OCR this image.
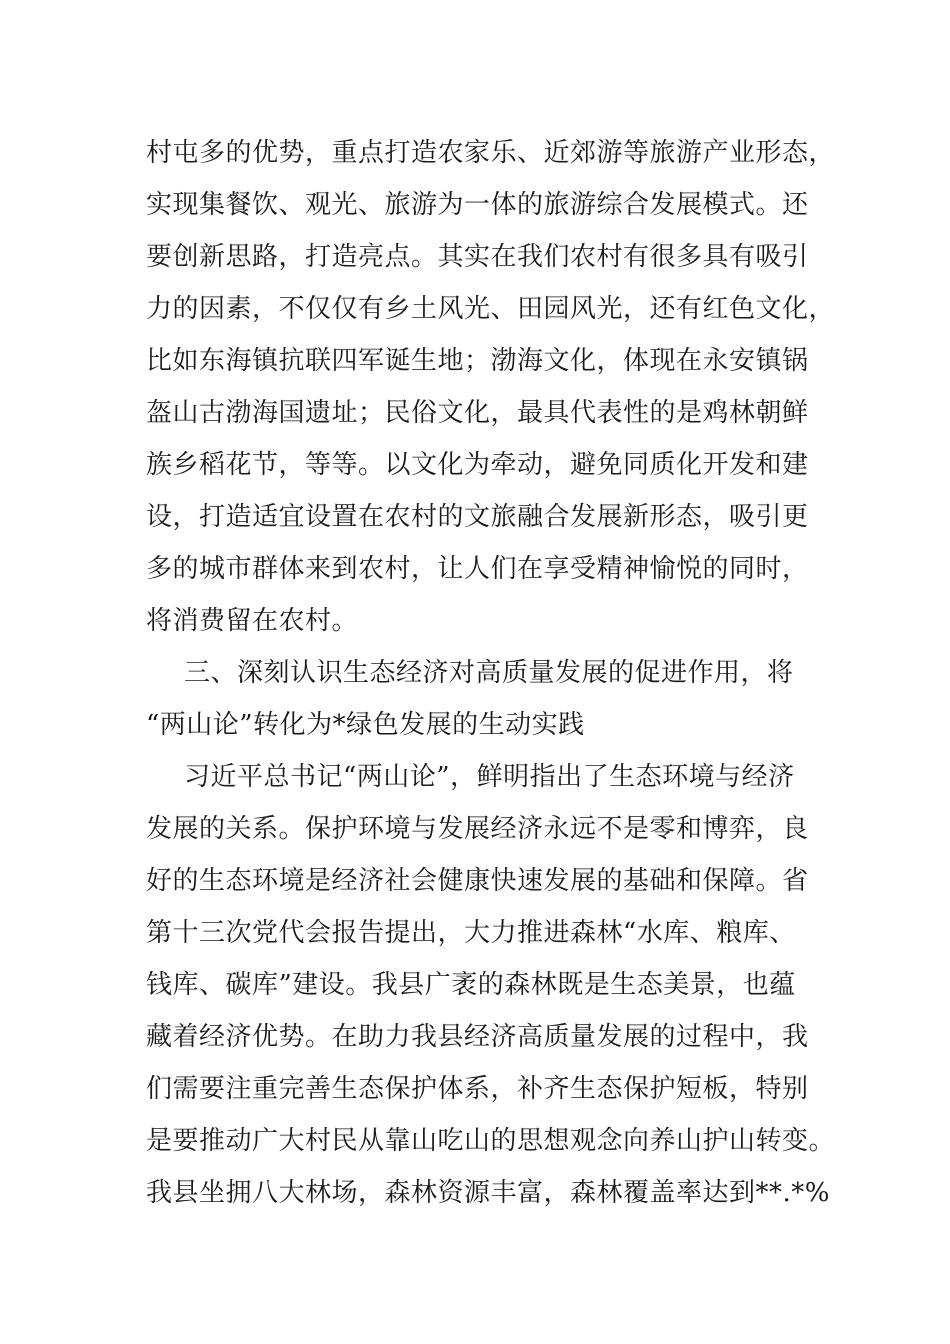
村屯多的优势，重点打造农家乐、近郊游等旅游产业形态，
实现集餐饮、观光、旅游为一体的旅游综合发展模式。还
要创新思路，打造亮点。其实在我们农村有很多具有吸引
力的因素，不仅仅有乡土风光、田园风光，还有红色文化，
比如东海镇抗联四军诞生地；渤海文化，体现在永安镇锅
盔山古渤海国遗址；民俗文化，最具代表性的是鸡林朝鲜
族乡稻花节，等等。以文化为牵动，避免同质化开发和建
设，打造适宜设置在农村的文旅融合发展新形态，吸引更
多的城市群体来到农村，让人们在享受精神愉悦的同时，
将消费留在农村。
三、深刻认识生态经济对高质量发展的促进作用，将
“两山论”转化为*绿色发展的生动实践
习近平总书记“两山论”，鲜明指出了生态环境与经济
发展的关系。保护环境与发展经济永远不是零和博弈，良
好的生态环境是经济社会健康快速发展的基础和保障。省
第十三次党代会报告提出，大力推进森林“水库、粮库、
钱库、碳库”建设。我县广袤的森林既是生态美景，也蕴
藏着经济优势。在助力我县经济高质量发展的过程中，我
们需要注重完善生态保护体系，补齐生态保护短板，特别
是要推动广大村民从靠山吃山的思想观念向养山护山转变。
我县坐拥八大林场，森林资源丰富，森林覆盖率达到**.*%
